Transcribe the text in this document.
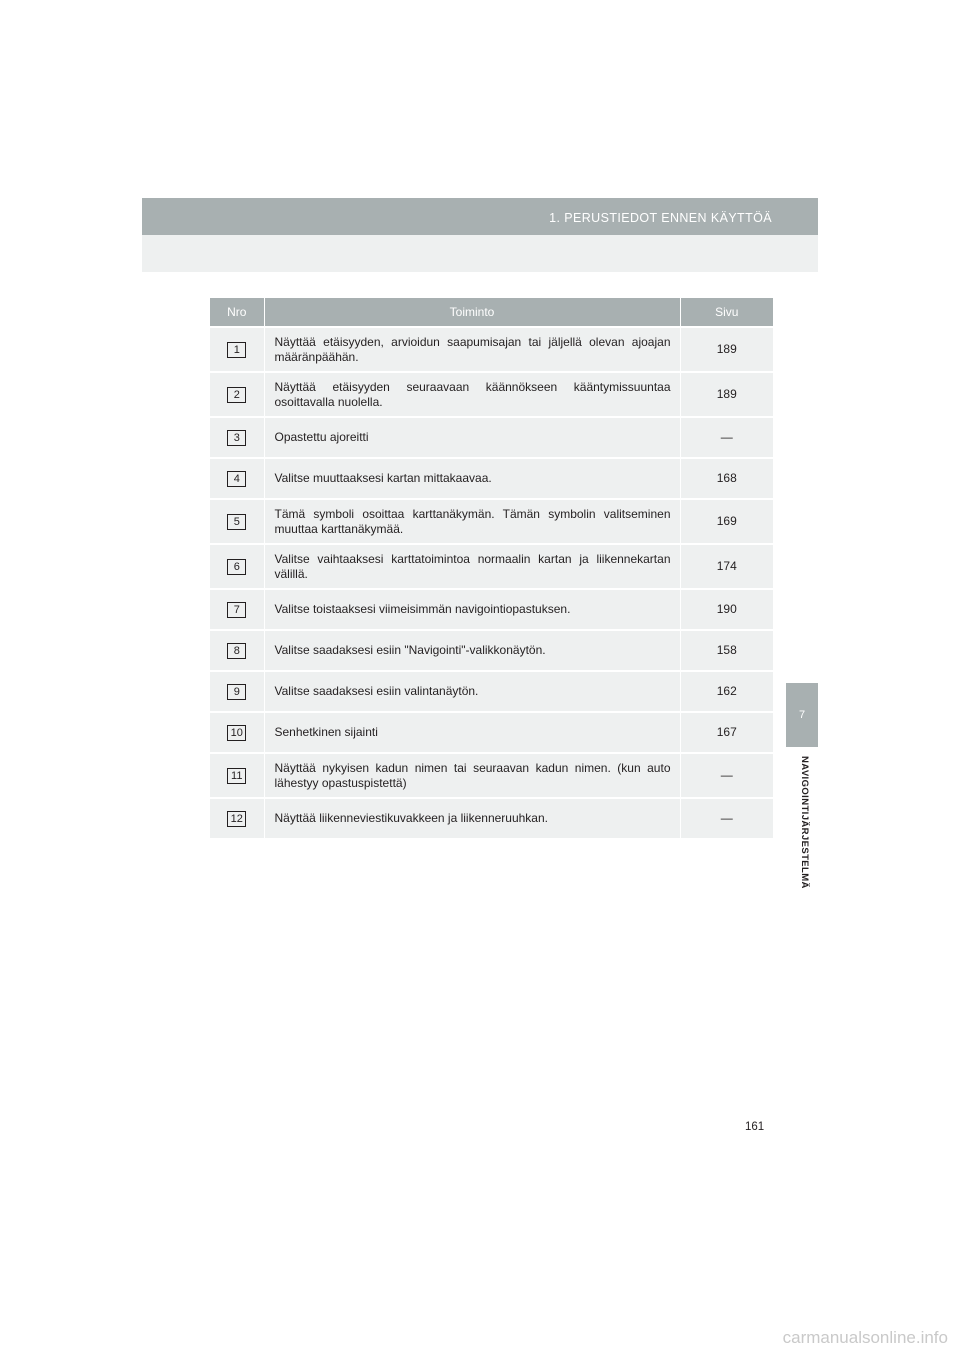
1. PERUSTIEDOT ENNEN KÄYTTÖÄ
7
NAVIGOINTIJÄRJESTELMÄ
Nro	Toiminto	Sivu
1	Näyttää etäisyyden, arvioidun saapumisajan tai jäljellä olevan ajoajan määränpäähän.	189
2	Näyttää etäisyyden seuraavaan käännökseen kääntymissuuntaa osoittavalla nuolella.	189
3	Opastettu ajoreitti	—
4	Valitse muuttaaksesi kartan mittakaavaa.	168
5	Tämä symboli osoittaa karttanäkymän. Tämän symbolin valitseminen muuttaa karttanäkymää.	169
6	Valitse vaihtaaksesi karttatoimintoa normaalin kartan ja liikennekartan välillä.	174
7	Valitse toistaaksesi viimeisimmän navigointiopastuksen.	190
8	Valitse saadaksesi esiin "Navigointi"-valikkonäytön.	158
9	Valitse saadaksesi esiin valintanäytön.	162
10	Senhetkinen sijainti	167
11	Näyttää nykyisen kadun nimen tai seuraavan kadun nimen. (kun auto lähestyy opastuspistettä)	—
12	Näyttää liikenneviestikuvakkeen ja liikenneruuhkan.	—
161
carmanualsonline.info
